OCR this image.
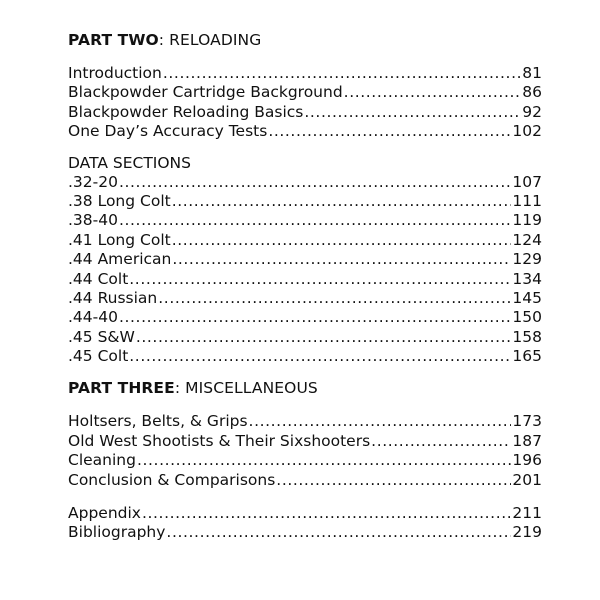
PART TWO: RELOADING
Introduction .....	81
Blackpowder Cartridge Background .....	86
Blackpowder Reloading Basics .....	92
One Day’s Accuracy Tests .....	102
DATA SECTIONS
.32-20 .....	107
.38 Long Colt .....	111
.38-40 .....	119
.41 Long Colt .....	124
.44 American .....	129
.44 Colt .....	134
.44 Russian .....	145
.44-40 .....	150
.45 S&W .....	158
.45 Colt .....	165
PART THREE: MISCELLANEOUS
Holtsers, Belts, & Grips .....	173
Old West Shootists & Their Sixshooters .....	187
Cleaning .....	196
Conclusion & Comparisons .....	201
Appendix .....	211
Bibliography .....	219
